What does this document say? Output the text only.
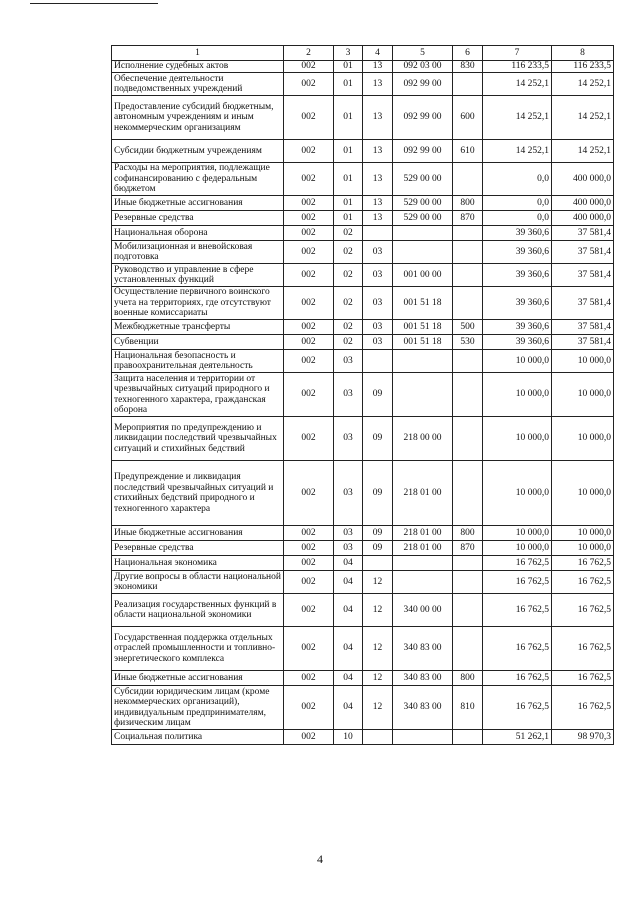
1	2	3	4	5	6	7	8
Исполнение судебных актов	002	01	13	092 03 00	830	116 233,5	116 233,5
Обеспечение деятельности подведомственных учреждений	002	01	13	092 99 00		14 252,1	14 252,1
Предоставление субсидий бюджетным, автономным учреждениям и иным некоммерческим организациям	002	01	13	092 99 00	600	14 252,1	14 252,1
Субсидии бюджетным учреждениям	002	01	13	092 99 00	610	14 252,1	14 252,1
Расходы на мероприятия, подлежащие софинансированию с федеральным бюджетом	002	01	13	529 00 00		0,0	400 000,0
Иные бюджетные ассигнования	002	01	13	529 00 00	800	0,0	400 000,0
Резервные средства	002	01	13	529 00 00	870	0,0	400 000,0
Национальная оборона	002	02				39 360,6	37 581,4
Мобилизационная и вневойсковая подготовка	002	02	03			39 360,6	37 581,4
Руководство и управление в сфере установленных функций	002	02	03	001 00 00		39 360,6	37 581,4
Осуществление первичного воинского учета на территориях, где отсутствуют военные комиссариаты	002	02	03	001 51 18		39 360,6	37 581,4
Межбюджетные трансферты	002	02	03	001 51 18	500	39 360,6	37 581,4
Субвенции	002	02	03	001 51 18	530	39 360,6	37 581,4
Национальная безопасность и правоохранительная деятельность	002	03				10 000,0	10 000,0
Защита населения и территории от чрезвычайных ситуаций природного и техногенного характера, гражданская оборона	002	03	09			10 000,0	10 000,0
Мероприятия по предупреждению и ликвидации последствий чрезвычайных ситуаций и стихийных бедствий	002	03	09	218 00 00		10 000,0	10 000,0
Предупреждение и ликвидация последствий чрезвычайных ситуаций и стихийных бедствий природного и техногенного характера	002	03	09	218 01 00		10 000,0	10 000,0
Иные бюджетные ассигнования	002	03	09	218 01 00	800	10 000,0	10 000,0
Резервные средства	002	03	09	218 01 00	870	10 000,0	10 000,0
Национальная экономика	002	04				16 762,5	16 762,5
Другие вопросы в области национальной экономики	002	04	12			16 762,5	16 762,5
Реализация государственных функций в области национальной экономики	002	04	12	340 00 00		16 762,5	16 762,5
Государственная поддержка отдельных отраслей промышленности и топливно-энергетического комплекса	002	04	12	340 83 00		16 762,5	16 762,5
Иные бюджетные ассигнования	002	04	12	340 83 00	800	16 762,5	16 762,5
Субсидии юридическим лицам (кроме некоммерческих организаций), индивидуальным предпринимателям, физическим лицам	002	04	12	340 83 00	810	16 762,5	16 762,5
Социальная политика	002	10				51 262,1	98 970,3
4
